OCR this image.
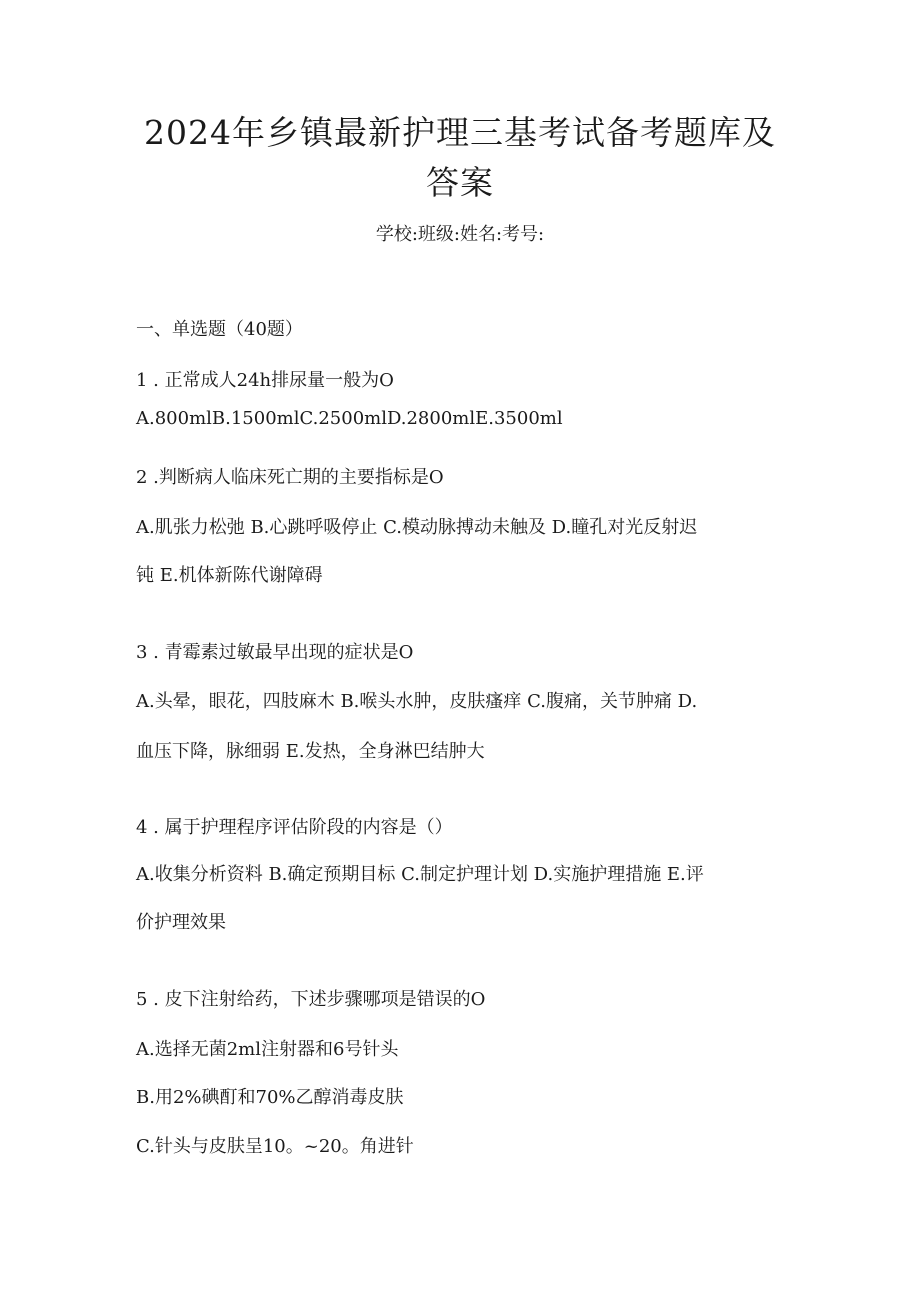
2024年乡镇最新护理三基考试备考题库及
答案
学校:班级:姓名:考号:
一、单选题（40题）
1 . 正常成人24h排尿量一般为O
A.800mlB.1500mlC.2500mlD.2800mlE.3500ml
2 .判断病人临床死亡期的主要指标是O
A.肌张力松弛 B.心跳呼吸停止 C.模动脉搏动未触及 D.瞳孔对光反射迟
钝 E.机体新陈代谢障碍
3 . 青霉素过敏最早出现的症状是O
A.头晕，眼花，四肢麻木 B.喉头水肿，皮肤瘙痒 C.腹痛，关节肿痛 D.
血压下降，脉细弱 E.发热，全身淋巴结肿大
4 . 属于护理程序评估阶段的内容是（）
A.收集分析资料 B.确定预期目标 C.制定护理计划 D.实施护理措施 E.评
价护理效果
5 . 皮下注射给药，下述步骤哪项是错误的O
A.选择无菌2ml注射器和6号针头
B.用2%碘酊和70%乙醇消毒皮肤
C.针头与皮肤呈10。~20。角进针
